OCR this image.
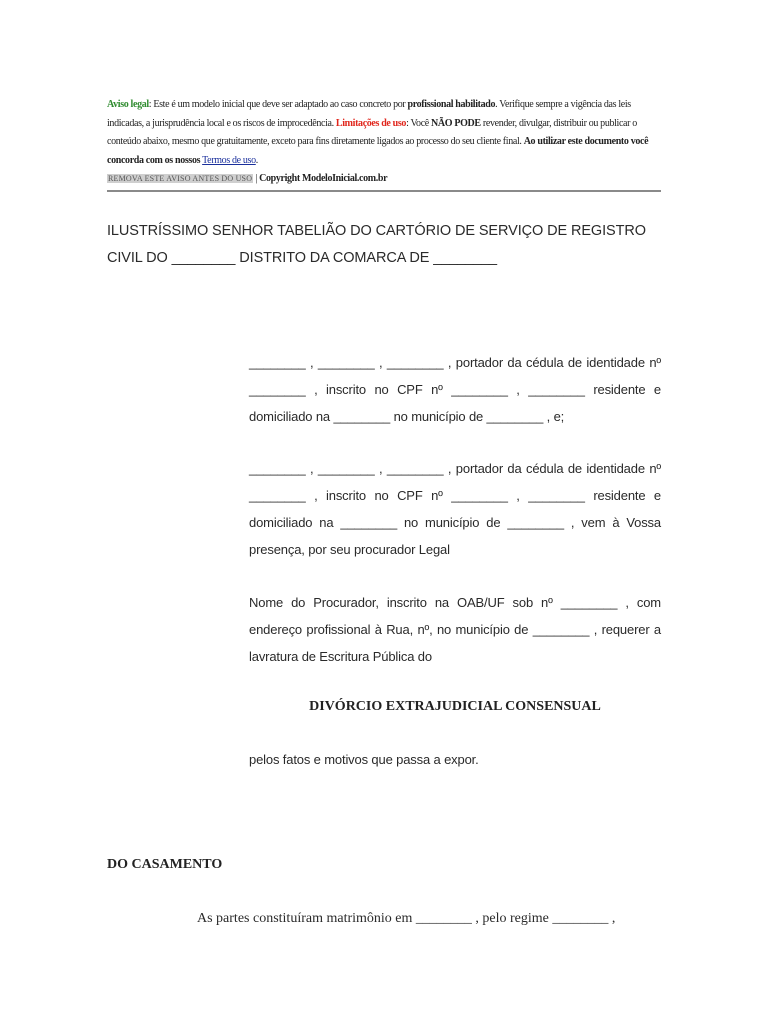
Aviso legal: Este é um modelo inicial que deve ser adaptado ao caso concreto por profissional habilitado. Verifique sempre a vigência das leis indicadas, a jurisprudência local e os riscos de improcedência. Limitações de uso: Você NÃO PODE revender, divulgar, distribuir ou publicar o conteúdo abaixo, mesmo que gratuitamente, exceto para fins diretamente ligados ao processo do seu cliente final. Ao utilizar este documento você concorda com os nossos Termos de uso.

REMOVA ESTE AVISO ANTES DO USO | Copyright ModeloInicial.com.br

ILUSTRÍSSIMO SENHOR TABELIÃO DO CARTÓRIO DE SERVIÇO DE REGISTRO

CIVIL DO ________ DISTRITO DA COMARCA DE ________

________ , ________ , ________ , portador da cédula de identidade nº ________ , inscrito no CPF nº ________ , ________ residente e domiciliado na ________ no município de ________ , e;

________ , ________ , ________ , portador da cédula de identidade nº ________ , inscrito no CPF nº ________ , ________ residente e domiciliado na ________ no município de ________ , vem à Vossa presença, por seu procurador Legal

Nome do Procurador, inscrito na OAB/UF sob nº ________ , com endereço profissional à Rua, nº, no município de ________ , requerer a lavratura de Escritura Pública do

DIVÓRCIO EXTRAJUDICIAL CONSENSUAL

pelos fatos e motivos que passa a expor.

DO CASAMENTO
As partes constituíram matrimônio em ________ , pelo regime ________ ,
